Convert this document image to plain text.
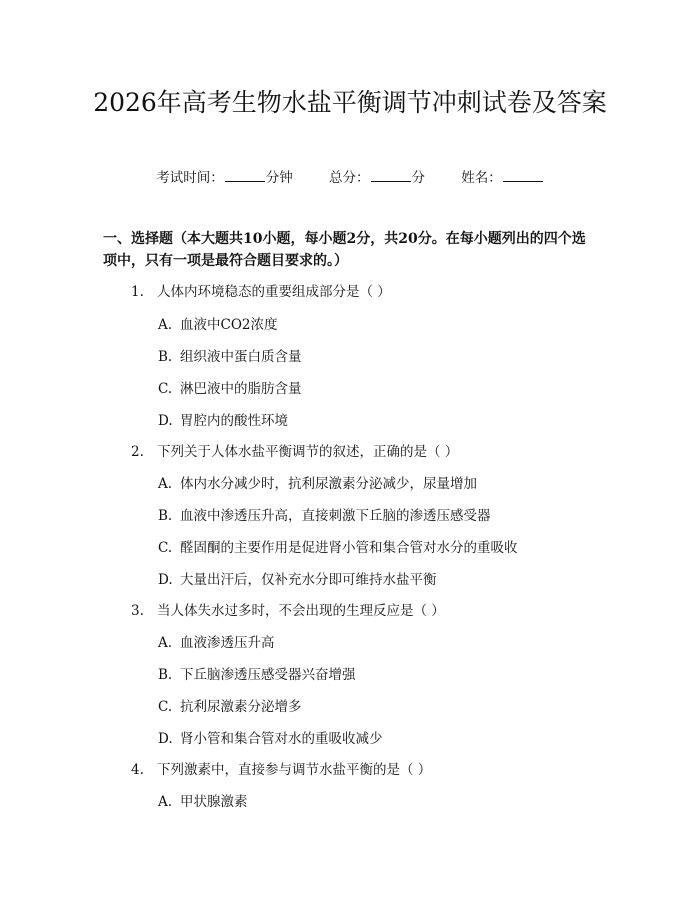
2026年高考生物水盐平衡调节冲刺试卷及答案
考试时间：	分钟	总分：	分	姓名：

一、选择题（本大题共10小题，每小题2分，共20分。在每小题列出的四个选项中，只有一项是最符合题目要求的。）

1. 人体内环境稳态的重要组成部分是（ ）
A. 血液中CO2浓度
B. 组织液中蛋白质含量
C. 淋巴液中的脂肪含量
D. 胃腔内的酸性环境
2. 下列关于人体水盐平衡调节的叙述，正确的是（ ）
A. 体内水分减少时，抗利尿激素分泌减少，尿量增加
B. 血液中渗透压升高，直接刺激下丘脑的渗透压感受器
C. 醛固酮的主要作用是促进肾小管和集合管对水分的重吸收
D. 大量出汗后，仅补充水分即可维持水盐平衡
3. 当人体失水过多时，不会出现的生理反应是（ ）
A. 血液渗透压升高
B. 下丘脑渗透压感受器兴奋增强
C. 抗利尿激素分泌增多
D. 肾小管和集合管对水的重吸收减少
4. 下列激素中，直接参与调节水盐平衡的是（ ）
A. 甲状腺激素
